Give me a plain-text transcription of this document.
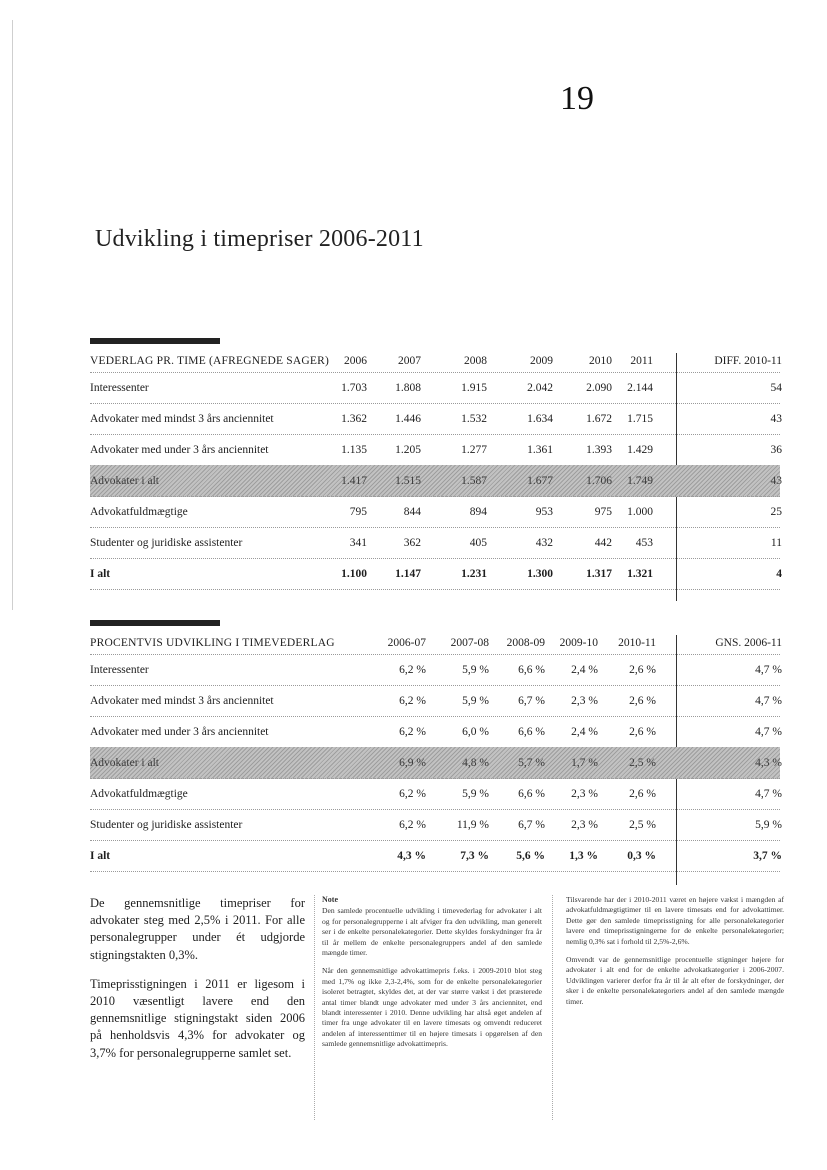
19
Udvikling i timepriser 2006-2011
VEDERLAG PR. TIME (AFREGNEDE SAGER)	2006	2007	2008	2009	2010	2011	DIFF. 2010-11
Interessenter	1.703	1.808	1.915	2.042	2.090	2.144	54
Advokater med mindst 3 års anciennitet	1.362	1.446	1.532	1.634	1.672	1.715	43
Advokater med under 3 års anciennitet	1.135	1.205	1.277	1.361	1.393	1.429	36
Advokater i alt	1.417	1.515	1.587	1.677	1.706	1.749	43
Advokatfuldmægtige	795	844	894	953	975	1.000	25
Studenter og juridiske assistenter	341	362	405	432	442	453	11
I alt	1.100	1.147	1.231	1.300	1.317	1.321	4
PROCENTVIS UDVIKLING I TIMEVEDERLAG	2006-07	2007-08	2008-09	2009-10	2010-11	GNS. 2006-11
Interessenter	6,2 %	5,9 %	6,6 %	2,4 %	2,6 %	4,7 %
Advokater med mindst 3 års anciennitet	6,2 %	5,9 %	6,7 %	2,3 %	2,6 %	4,7 %
Advokater med under 3 års anciennitet	6,2 %	6,0 %	6,6 %	2,4 %	2,6 %	4,7 %
Advokater i alt	6,9 %	4,8 %	5,7 %	1,7 %	2,5 %	4,3 %
Advokatfuldmægtige	6,2 %	5,9 %	6,6 %	2,3 %	2,6 %	4,7 %
Studenter og juridiske assistenter	6,2 %	11,9 %	6,7 %	2,3 %	2,5 %	5,9 %
I alt	4,3 %	7,3 %	5,6 %	1,3 %	0,3 %	3,7 %

De gennemsnitlige timepriser for advokater steg med 2,5% i 2011. For alle personalegrupper under ét udgjorde stigningstakten 0,3%.

Timeprisstigningen i 2011 er ligesom i 2010 væsentligt lavere end den gennemsnitlige stigningstakt siden 2006 på henholdsvis 4,3% for advokater og 3,7% for personalegrupperne samlet set.

Note

Den samlede procentuelle udvikling i timevederlag for advokater i alt og for personalegrupperne i alt afviger fra den udvikling, man generelt ser i de enkelte personalekategorier. Dette skyldes forskydninger fra år til år mellem de enkelte personalegruppers andel af den samlede mængde timer.

Når den gennemsnitlige advokattimepris f.eks. i 2009-2010 blot steg med 1,7% og ikke 2,3-2,4%, som for de enkelte personalekategorier isoleret betragtet, skyldes det, at der var større vækst i det præsterede antal timer blandt unge advokater med under 3 års anciennitet, end blandt interessenter i 2010. Denne udvikling har altså øget andelen af timer fra unge advokater til en lavere timesats og omvendt reduceret andelen af interessenttimer til en højere timesats i opgørelsen af den samlede gennemsnitlige advokattimepris.

Tilsvarende har der i 2010-2011 været en højere vækst i mængden af advokatfuldmægtigtimer til en lavere timesats end for advokattimer. Dette gør den samlede timeprisstigning for alle personalekategorier lavere end timeprisstigningerne for de enkelte personalekategorier; nemlig 0,3% sat i forhold til 2,5%-2,6%.

Omvendt var de gennemsnitlige procentuelle stigninger højere for advokater i alt end for de enkelte advokatkategorier i 2006-2007. Udviklingen varierer derfor fra år til år alt efter de forskydninger, der sker i de enkelte personalekategoriers andel af den samlede mængde timer.
